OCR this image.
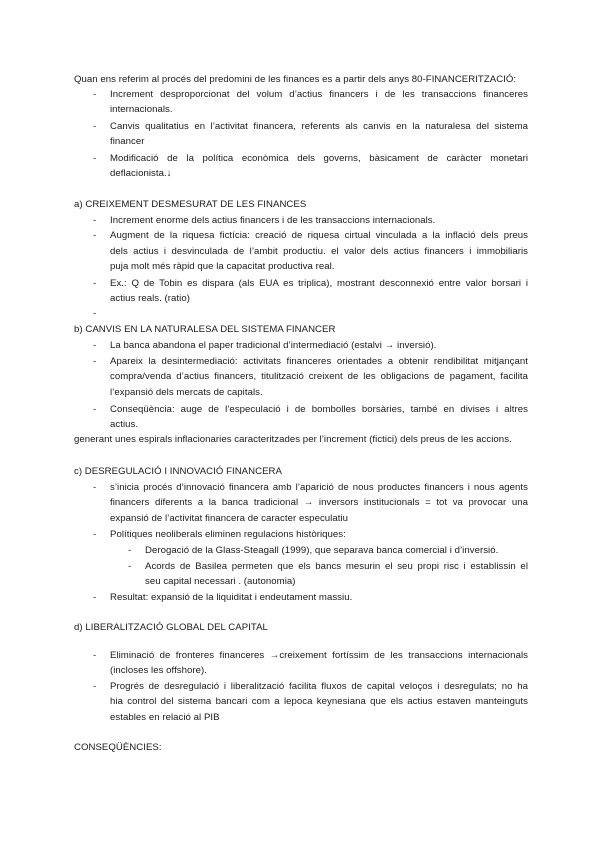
Quan ens referim al procés del predomini de les finances es a partir dels anys 80-FINANCERITZACIÓ:
- Increment desproporcionat del volum d’actius financers i de les transaccions financeres
internacionals.
- Canvis qualitatius en l’activitat financera, referents als canvis en la naturalesa del sistema
financer
- Modificació de la política econòmica dels governs, bàsicament de caràcter monetari
deflacionista.↓
a) CREIXEMENT DESMESURAT DE LES FINANCES
- Increment enorme dels actius financers i de les transaccions internacionals.
- Augment de la riquesa fictícia: creació de riquesa cirtual vinculada a la inflació dels preus
dels actius i desvinculada de l’ambit productiu. el valor dels actius financers i immobiliaris
puja molt més ràpid que la capacitat productiva real.
- Ex.: Q de Tobin es dispara (als EUA es triplica), mostrant desconnexió entre valor borsari i
actius reals. (ratio)
-
b) CANVIS EN LA NATURALESA DEL SISTEMA FINANCER
- La banca abandona el paper tradicional d’intermediació (estalvi → inversió).
- Apareix la desintermediació: activitats financeres orientades a obtenir rendibilitat mitjançant
compra/venda d’actius financers, titulització creixent de les obligacions de pagament, facilita
l’expansió dels mercats de capitals.
- Conseqüència: auge de l’especulació i de bombolles borsàries, també en divises i altres
actius.
generant unes espirals inflacionaries caracteritzades per l’increment (fictici) dels preus de les accions.
c) DESREGULACIÓ I INNOVACIÓ FINANCERA
- s’inicia procés d’innovació financera amb l’aparició de nous productes financers i nous agents
financers diferents a la banca tradicional → inversors institucionals = tot va provocar una
expansió de l’activitat financera de caracter especulatiu
- Polítiques neoliberals eliminen regulacions històriques:
- Derogació de la Glass-Steagall (1999), que separava banca comercial i d’inversió.
- Acords de Basilea permeten que els bancs mesurin el seu propi risc i establissin el
seu capital necessari . (autonomia)
- Resultat: expansió de la liquiditat i endeutament massiu.
d) LIBERALITZACIÓ GLOBAL DEL CAPITAL
- Eliminació de fronteres financeres →creixement fortíssim de les transaccions internacionals
(incloses les offshore).
- Progrés de desregulació i liberalització facilita fluxos de capital veloços i desregulats; no ha
hia control del sistema bancari com a lepoca keynesiana que els actius estaven manteinguts
estables en relació al PIB
CONSEQÜÈNCIES:
